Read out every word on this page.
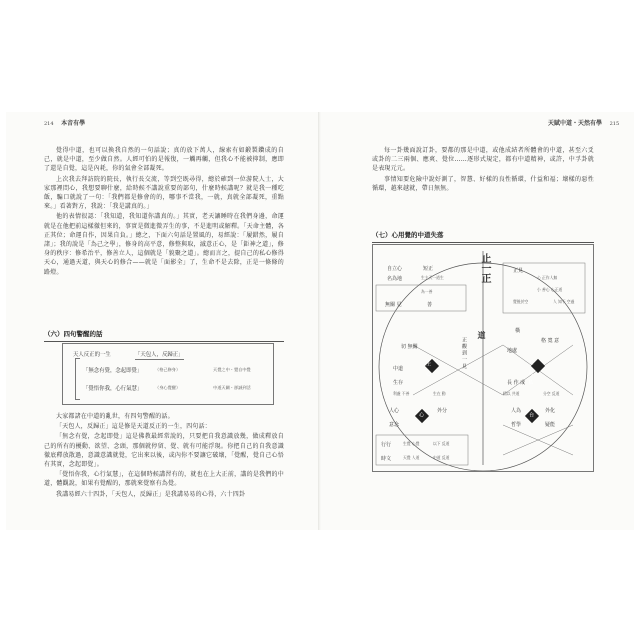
214 本音有學	天賦中道・天然有學 215

覺得中道，也可以換我自然的一句話說；真的放下萬人，線索有如鍛製鑽成的自己，就是中道，至少做自然。人經可怕的是報復，一觸再觸，但我心不能被抑制，應即了還是自覺，這是內耗，你的氣會全部凝死。

上次我去拜訪院的院長，執行長交流，等到空既尋得，總於確到一位游院人士，大家那裡問心，我想要聊什麼，給時候不講說重要的部句，什麼時候講呢？就是我一種吃飯，騙口就說了一句：「我們都是修會的的，哪事不當我，一就，真就全部凝死，重點來。」看著對方，我說：「我是講真的。」

他的表情很認：「我知道，我知道你講真的。」其實，老天讓睡時在我們身邊，命運就是在他把前這樣徹但來的，事實是微進微弄生的事，不是進明或解釋。「天命主體，各正其位；命運自作，因果自負。」總之，下面六句話是置風的，易經說：「履錯然，履自諸」；我的說是「為己之學」，修身的高平意，修整與取，滅意正心，是「鉅神之道」，修身的秩序：修希治平，修善立人，這個就是「貌聚之道」。總而言之，提自己的私心修得天心，通過天道，與天心的修合——就是「面影全」了，生命不是去除，正是一條條的路燈。

（六）四句警醒的話
天人反正的一生	「天包人，反歸正」
「無念有覺，念起即覺」	（格己修身）	天覺之中・覺自中覺
「覺悟你我，心行氣慧」	（身心覺醒）	中道天關・卻誠到活

大家都諸在中道的亂世，有四句警醒的話。

「天包人，反歸正」這是修是天道反正的一生，四句話：

「無念有覺，念起即覺」這是佛教最經常說的，只要把自我意識放幾，做成釋放自己的所有的擾動、欲望、念頭，那個就停留、覺、就有可能浮現。你把自己的自我意識徹底釋放散過，意識意識就覺，它出來以後，或內你不要讓它破壞，「覺醒，覺自己心悟有其實，念起即覺」。

「覺悟你我，心行氣慧」，在這個時候講習有的，就也在上大正前，講的是我們的中道，體觀說，如果有覺醒的，那就來覺察有為覺。

我講易經六十四卦，「天包人，反歸正」是我講易易的心得，六十四卦

每一卦幾面說訂卦，要都的那是中道，或他成結者所體會的中道，甚至六爻或卦的二三兩個、應爽、覺位……逐形式規定，都有中道精神，或許，中孚卦就是表現元元。

事情知要危險中說好測了，智慧、好樣的良性循環，什益和福；壞樣的惡性循環，越來越就，帶日無無。

（七）心用覺的中道失落
自立心	短正
名為地	止一正	正見
無關 見	善
道
正 觀 到 一 見
橫
格 寬 意
切 無關
主 心
中道
地處
天 道 私
生存	長 作 成
人心	外分
意念
人為	外化
疑能
哲學
台
心
行行
時文
生主天一道生
為一善
心 正作人無
小 善心 心正道
覺後於空	人 知不 空過
利慮 不善	生在 動	精以 共道	分空 反道
生覺 心覺	以下 反道
天覺 人道	中道 反道
